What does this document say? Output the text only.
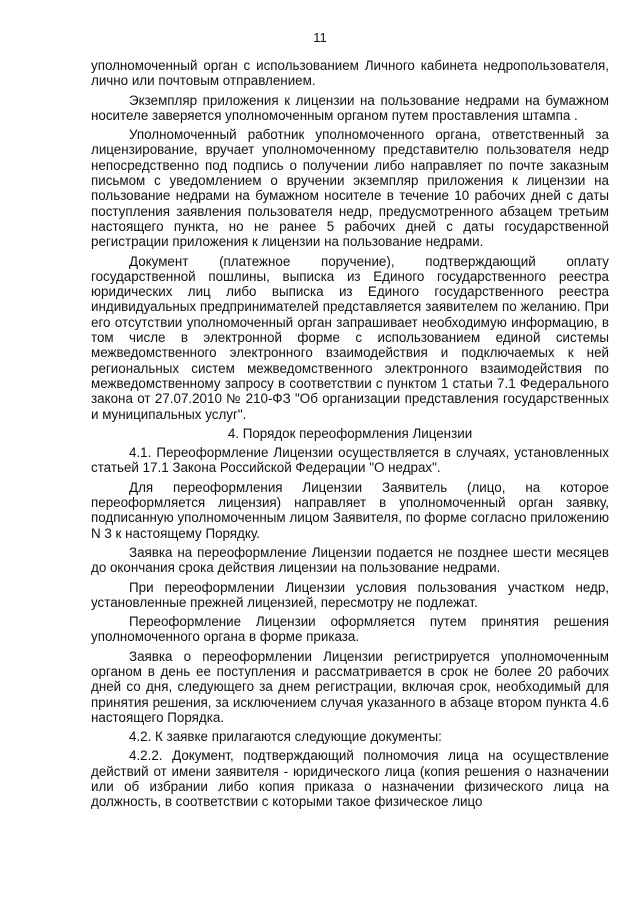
11

уполномоченный орган с использованием Личного кабинета недропользователя, лично или почтовым отправлением.

Экземпляр приложения к лицензии на пользование недрами на бумажном носителе заверяется уполномоченным органом путем проставления штампа .

Уполномоченный работник уполномоченного органа, ответственный за лицензирование, вручает уполномоченному представителю пользователя недр непосредственно под подпись о получении либо направляет по почте заказным письмом с уведомлением о вручении экземпляр приложения к лицензии на пользование недрами на бумажном носителе в течение 10 рабочих дней с даты поступления заявления пользователя недр, предусмотренного абзацем третьим настоящего пункта, но не ранее 5 рабочих дней с даты государственной регистрации приложения к лицензии на пользование недрами.

Документ (платежное поручение), подтверждающий оплату государственной пошлины, выписка из Единого государственного реестра юридических лиц либо выписка из Единого государственного реестра индивидуальных предпринимателей представляется заявителем по желанию. При его отсутствии уполномоченный орган запрашивает необходимую информацию, в том числе в электронной форме с использованием единой системы межведомственного электронного взаимодействия и подключаемых к ней региональных систем межведомственного электронного взаимодействия по межведомственному запросу в соответствии с пунктом 1 статьи 7.1 Федерального закона от 27.07.2010 № 210-ФЗ "Об организации представления государственных и муниципальных услуг".

4. Порядок переоформления Лицензии

4.1. Переоформление Лицензии осуществляется в случаях, установленных статьей 17.1 Закона Российской Федерации "О недрах".

Для переоформления Лицензии Заявитель (лицо, на которое переоформляется лицензия) направляет в уполномоченный орган заявку, подписанную уполномоченным лицом Заявителя, по форме согласно приложению N 3 к настоящему Порядку.

Заявка на переоформление Лицензии подается не позднее шести месяцев до окончания срока действия лицензии на пользование недрами.

При переоформлении Лицензии условия пользования участком недр, установленные прежней лицензией, пересмотру не подлежат.

Переоформление Лицензии оформляется путем принятия решения уполномоченного органа в форме приказа.

Заявка о переоформлении Лицензии регистрируется уполномоченным органом в день ее поступления и рассматривается в срок не более 20 рабочих дней со дня, следующего за днем регистрации, включая срок, необходимый для принятия решения, за исключением случая указанного в абзаце втором пункта 4.6 настоящего Порядка.

4.2. К заявке прилагаются следующие документы:

4.2.2. Документ, подтверждающий полномочия лица на осуществление действий от имени заявителя - юридического лица (копия решения о назначении или об избрании либо копия приказа о назначении физического лица на должность, в соответствии с которыми такое физическое лицо
